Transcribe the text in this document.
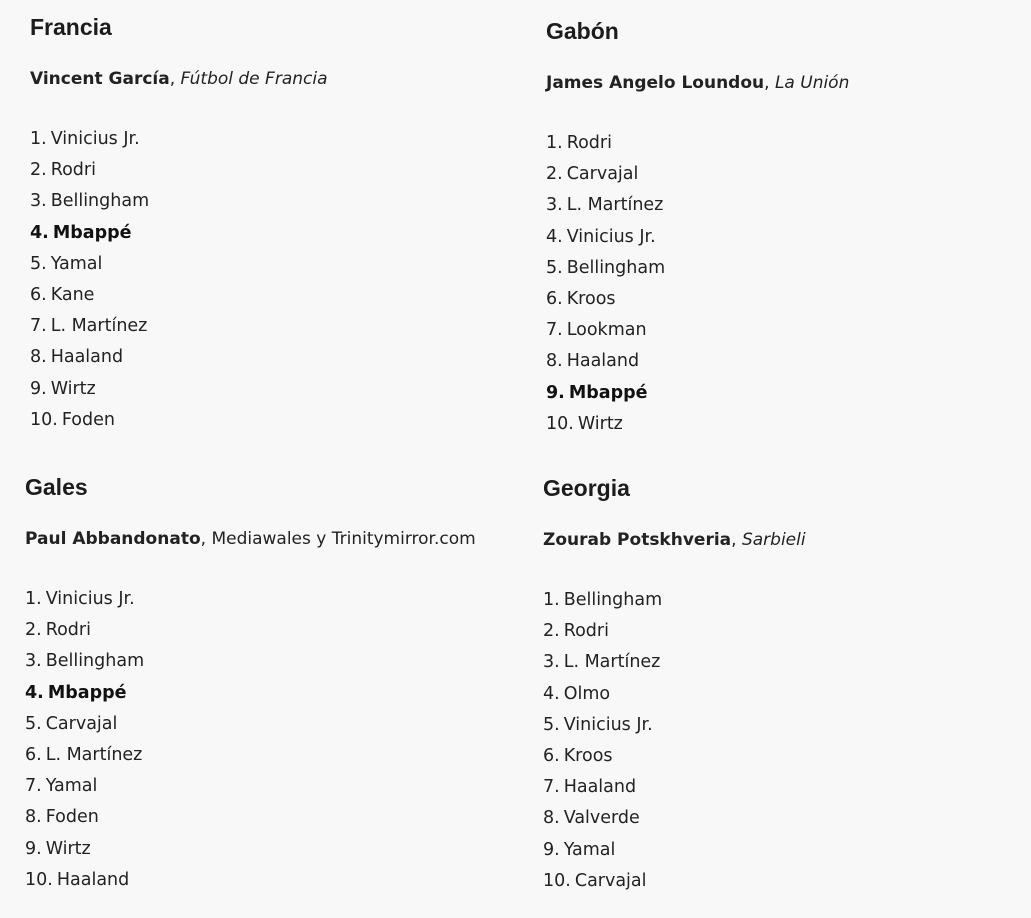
Francia
Vincent García, Fútbol de Francia
1. Vinicius Jr.
2. Rodri
3. Bellingham
4. Mbappé
5. Yamal
6. Kane
7. L. Martínez
8. Haaland
9. Wirtz
10. Foden
Gabón
James Angelo Loundou, La Unión
1. Rodri
2. Carvajal
3. L. Martínez
4. Vinicius Jr.
5. Bellingham
6. Kroos
7. Lookman
8. Haaland
9. Mbappé
10. Wirtz
Gales
Paul Abbandonato, Mediawales y Trinitymirror.com
1. Vinicius Jr.
2. Rodri
3. Bellingham
4. Mbappé
5. Carvajal
6. L. Martínez
7. Yamal
8. Foden
9. Wirtz
10. Haaland
Georgia
Zourab Potskhveria, Sarbieli
1. Bellingham
2. Rodri
3. L. Martínez
4. Olmo
5. Vinicius Jr.
6. Kroos
7. Haaland
8. Valverde
9. Yamal
10. Carvajal
